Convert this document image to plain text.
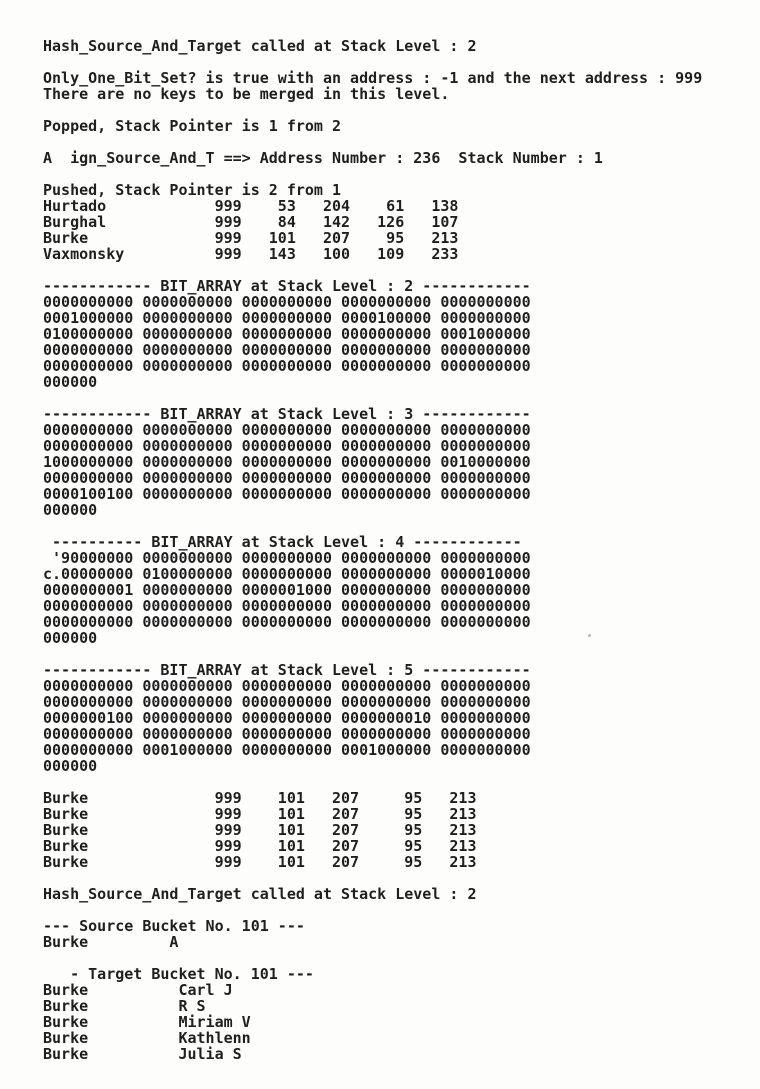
Hash_Source_And_Target called at Stack Level : 2
Only_One_Bit_Set? is true with an address : -1 and the next address : 999
There are no keys to be merged in this level.
Popped, Stack Pointer is 1 from 2
A  ign_Source_And_T ==> Address Number : 236  Stack Number : 1
Pushed, Stack Pointer is 2 from 1
Hurtado            999    53   204    61   138
Burghal            999    84   142   126   107
Burke              999   101   207    95   213
Vaxmonsky          999   143   100   109   233
------------ BIT_ARRAY at Stack Level : 2 ------------
0000000000 0000000000 0000000000 0000000000 0000000000
0001000000 0000000000 0000000000 0000100000 0000000000
0100000000 0000000000 0000000000 0000000000 0001000000
0000000000 0000000000 0000000000 0000000000 0000000000
0000000000 0000000000 0000000000 0000000000 0000000000
000000
------------ BIT_ARRAY at Stack Level : 3 ------------
0000000000 0000000000 0000000000 0000000000 0000000000
0000000000 0000000000 0000000000 0000000000 0000000000
1000000000 0000000000 0000000000 0000000000 0010000000
0000000000 0000000000 0000000000 0000000000 0000000000
0000100100 0000000000 0000000000 0000000000 0000000000
000000
---------- BIT_ARRAY at Stack Level : 4 ------------
'90000000 0000000000 0000000000 0000000000 0000000000
c.00000000 0100000000 0000000000 0000000000 0000010000
0000000001 0000000000 0000001000 0000000000 0000000000
0000000000 0000000000 0000000000 0000000000 0000000000
0000000000 0000000000 0000000000 0000000000 0000000000
000000
------------ BIT_ARRAY at Stack Level : 5 ------------
0000000000 0000000000 0000000000 0000000000 0000000000
0000000000 0000000000 0000000000 0000000000 0000000000
0000000100 0000000000 0000000000 0000000010 0000000000
0000000000 0000000000 0000000000 0000000000 0000000000
0000000000 0001000000 0000000000 0001000000 0000000000
000000
Burke              999    101   207     95   213
Burke              999    101   207     95   213
Burke              999    101   207     95   213
Burke              999    101   207     95   213
Burke              999    101   207     95   213
Hash_Source_And_Target called at Stack Level : 2
--- Source Bucket No. 101 ---
Burke         A
- Target Bucket No. 101 ---
Burke          Carl J
Burke          R S
Burke          Miriam V
Burke          Kathlenn
Burke          Julia S
